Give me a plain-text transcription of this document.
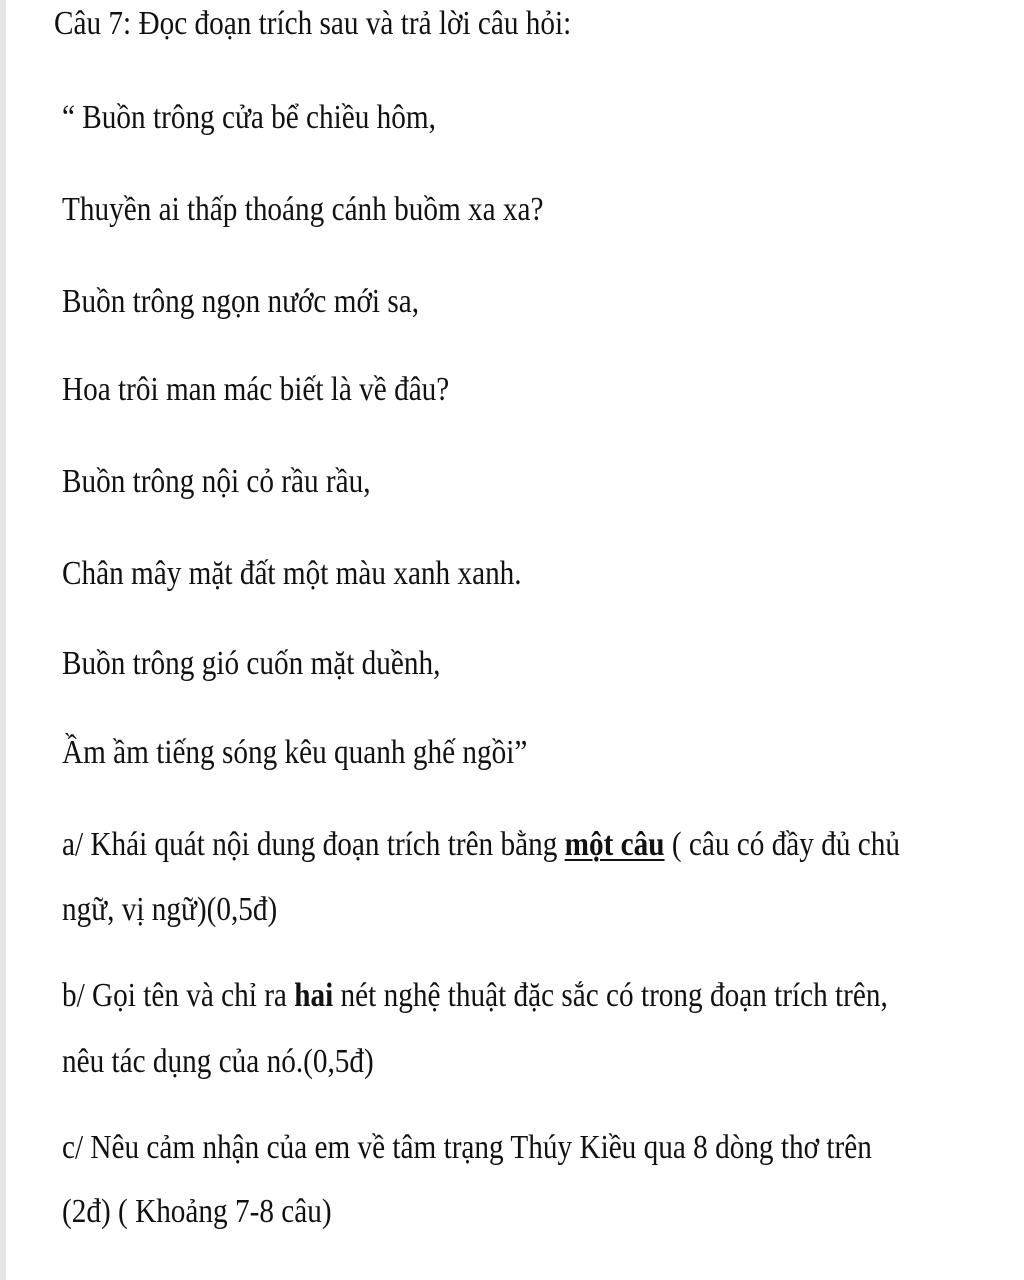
Câu 7: Đọc đoạn trích sau và trả lời câu hỏi:
“ Buồn trông cửa bể chiều hôm,
Thuyền ai thấp thoáng cánh buồm xa xa?
Buồn trông ngọn nước mới sa,
Hoa trôi man mác biết là về đâu?
Buồn trông nội cỏ rầu rầu,
Chân mây mặt đất một màu xanh xanh.
Buồn trông gió cuốn mặt duềnh,
Ầm ầm tiếng sóng kêu quanh ghế ngồi”
a/ Khái quát nội dung đoạn trích trên bằng một câu ( câu có đầy đủ chủ
ngữ, vị ngữ)(0,5đ)
b/ Gọi tên và chỉ ra hai nét nghệ thuật đặc sắc có trong đoạn trích trên,
nêu tác dụng của nó.(0,5đ)
c/ Nêu cảm nhận của em về tâm trạng Thúy Kiều qua 8 dòng thơ trên
(2đ) ( Khoảng 7-8 câu)
